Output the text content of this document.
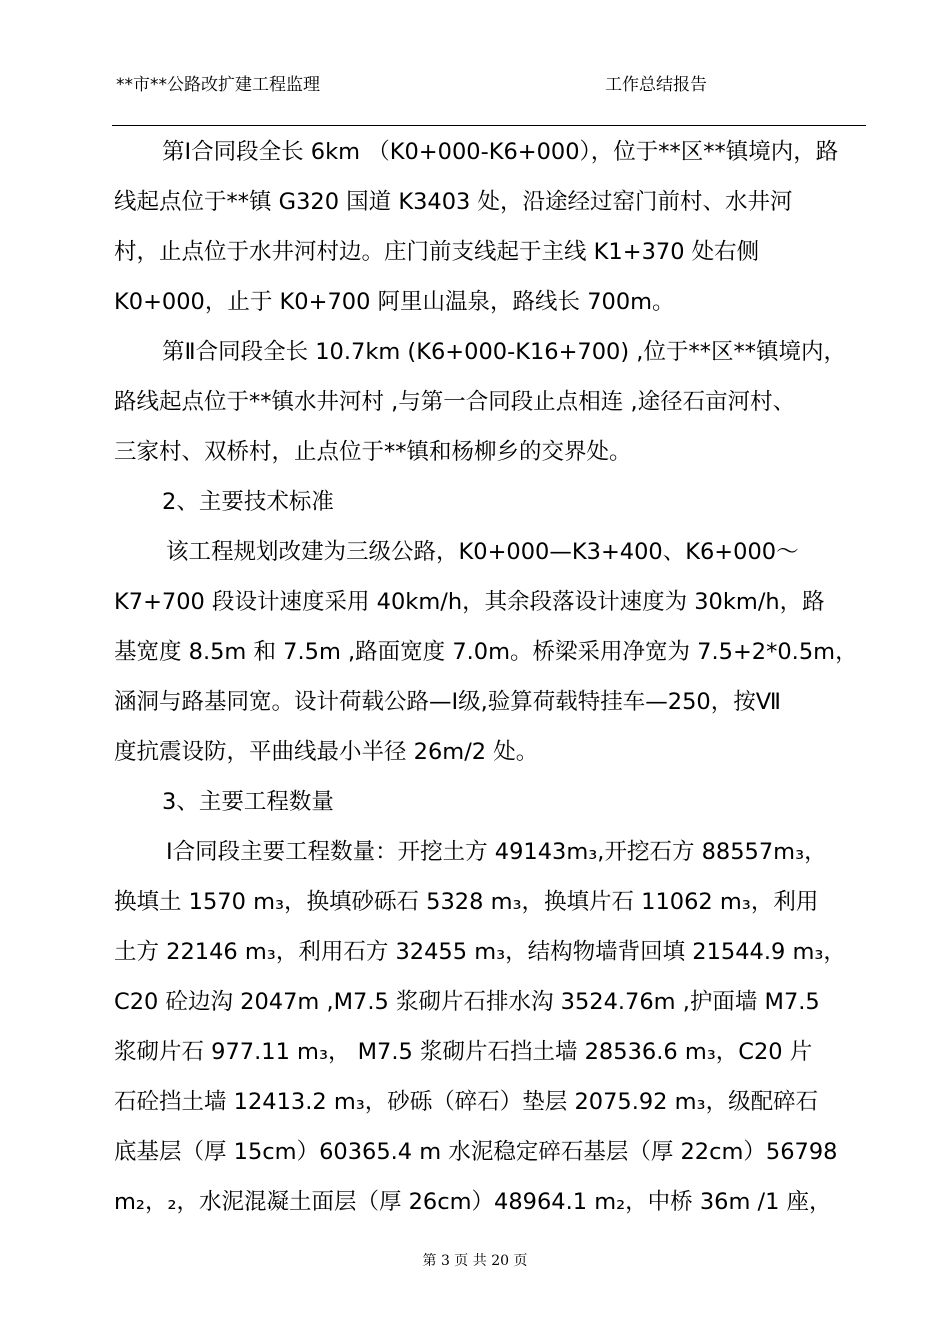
**市**公路改扩建工程监理	工作总结报告
第Ⅰ合同段全长 6km （K0+000-K6+000），位于**区**镇境内，路
线起点位于**镇 G320 国道 K3403 处，沿途经过窑门前村、水井河
村，止点位于水井河村边。庄门前支线起于主线 K1+370 处右侧
K0+000，止于 K0+700 阿里山温泉，路线长 700m。
第Ⅱ合同段全长 10.7km (K6+000-K16+700) ,位于**区**镇境内，
路线起点位于**镇水井河村 ,与第一合同段止点相连 ,途径石亩河村、
三家村、双桥村，止点位于**镇和杨柳乡的交界处。
2、主要技术标准
该工程规划改建为三级公路，K0+000—K3+400、K6+000～
K7+700 段设计速度采用 40km/h，其余段落设计速度为 30km/h，路
基宽度 8.5m 和 7.5m ,路面宽度 7.0m。桥梁采用净宽为 7.5+2*0.5m，
涵洞与路基同宽。设计荷载公路—Ⅰ级,验算荷载特挂车—250，按Ⅶ
度抗震设防，平曲线最小半径 26m/2 处。
3、主要工程数量
Ⅰ合同段主要工程数量：开挖土方 49143m₃,开挖石方 88557m₃，
换填土 1570 m₃，换填砂砾石 5328 m₃，换填片石 11062 m₃，利用
土方 22146 m₃，利用石方 32455 m₃，结构物墙背回填 21544.9 m₃，
C20 砼边沟 2047m ,M7.5 浆砌片石排水沟 3524.76m ,护面墙 M7.5
浆砌片石 977.11 m₃， M7.5 浆砌片石挡土墙 28536.6 m₃，C20 片
石砼挡土墙 12413.2 m₃，砂砾（碎石）垫层 2075.92 m₃，级配碎石
底基层（厚 15cm）60365.4 m 水泥稳定碎石基层（厚 22cm）56798
m₂，₂，水泥混凝土面层（厚 26cm）48964.1 m₂，中桥 36m /1 座，
第 3 页 共 20 页
